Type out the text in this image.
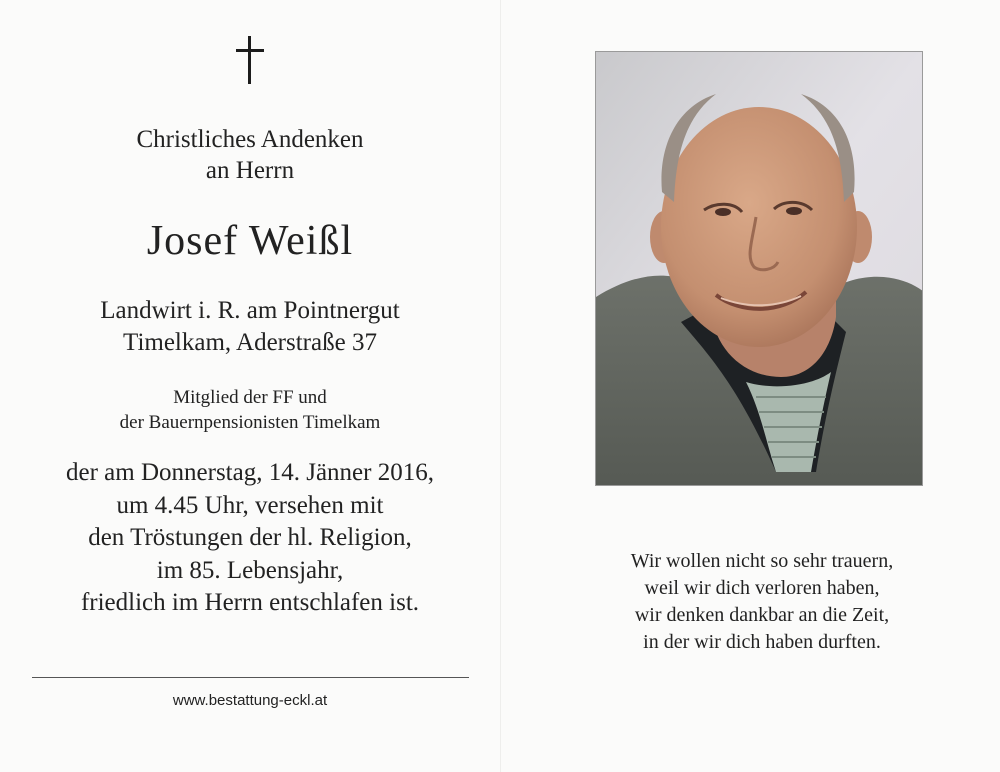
Christliches Andenken
an Herrn

Josef Weißl

Landwirt i. R. am Pointnergut
Timelkam, Aderstraße 37

Mitglied der FF und
der Bauernpensionisten Timelkam

der am Donnerstag, 14. Jänner 2016,
um 4.45 Uhr, versehen mit
den Tröstungen der hl. Religion,
im 85. Lebensjahr,
friedlich im Herrn entschlafen ist.

www.bestattung-eckl.at

Wir wollen nicht so sehr trauern,
weil wir dich verloren haben,
wir denken dankbar an die Zeit,
in der wir dich haben durften.
